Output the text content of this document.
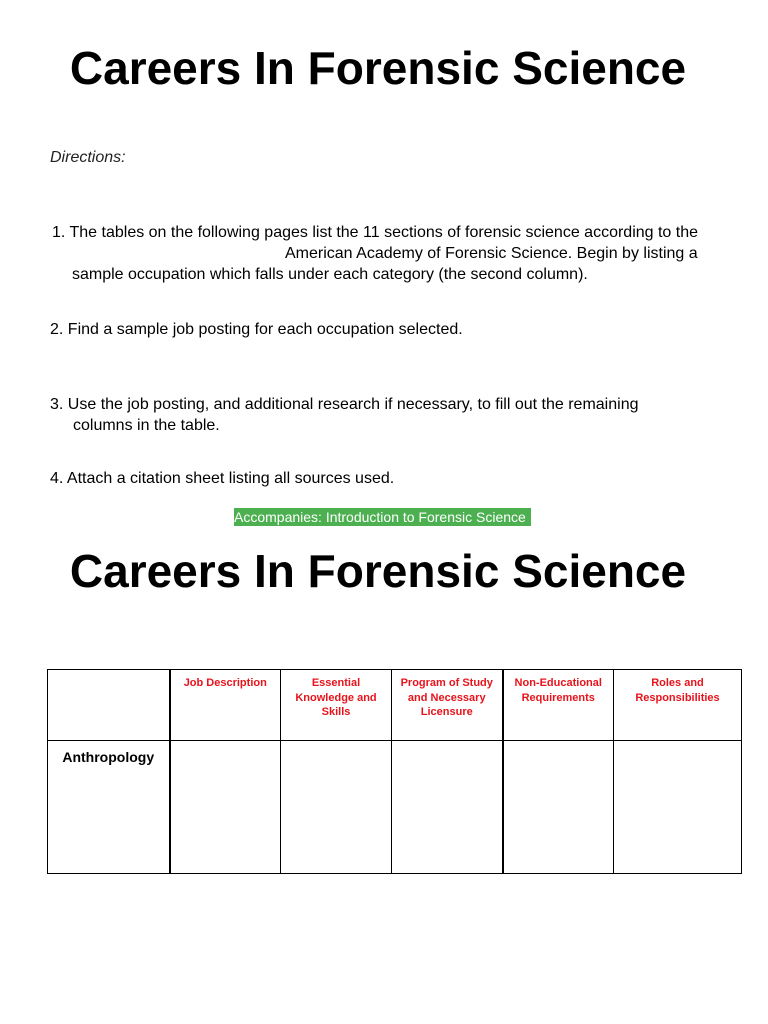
Careers In Forensic Science
Directions:
1. The tables on the following pages list the 11 sections of forensic science according to the
American Academy of Forensic Science. Begin by listing a
sample occupation which falls under each category (the second column).
2. Find a sample job posting for each occupation selected.
3. Use the job posting, and additional research if necessary, to fill out the remaining
columns in the table.
4. Attach a citation sheet listing all sources used.
Accompanies: Introduction to Forensic Science
Careers In Forensic Science
	Job Description	Essential Knowledge and Skills	Program of Study and Necessary Licensure	Non-Educational Requirements	Roles and Responsibilities
Anthropology					
